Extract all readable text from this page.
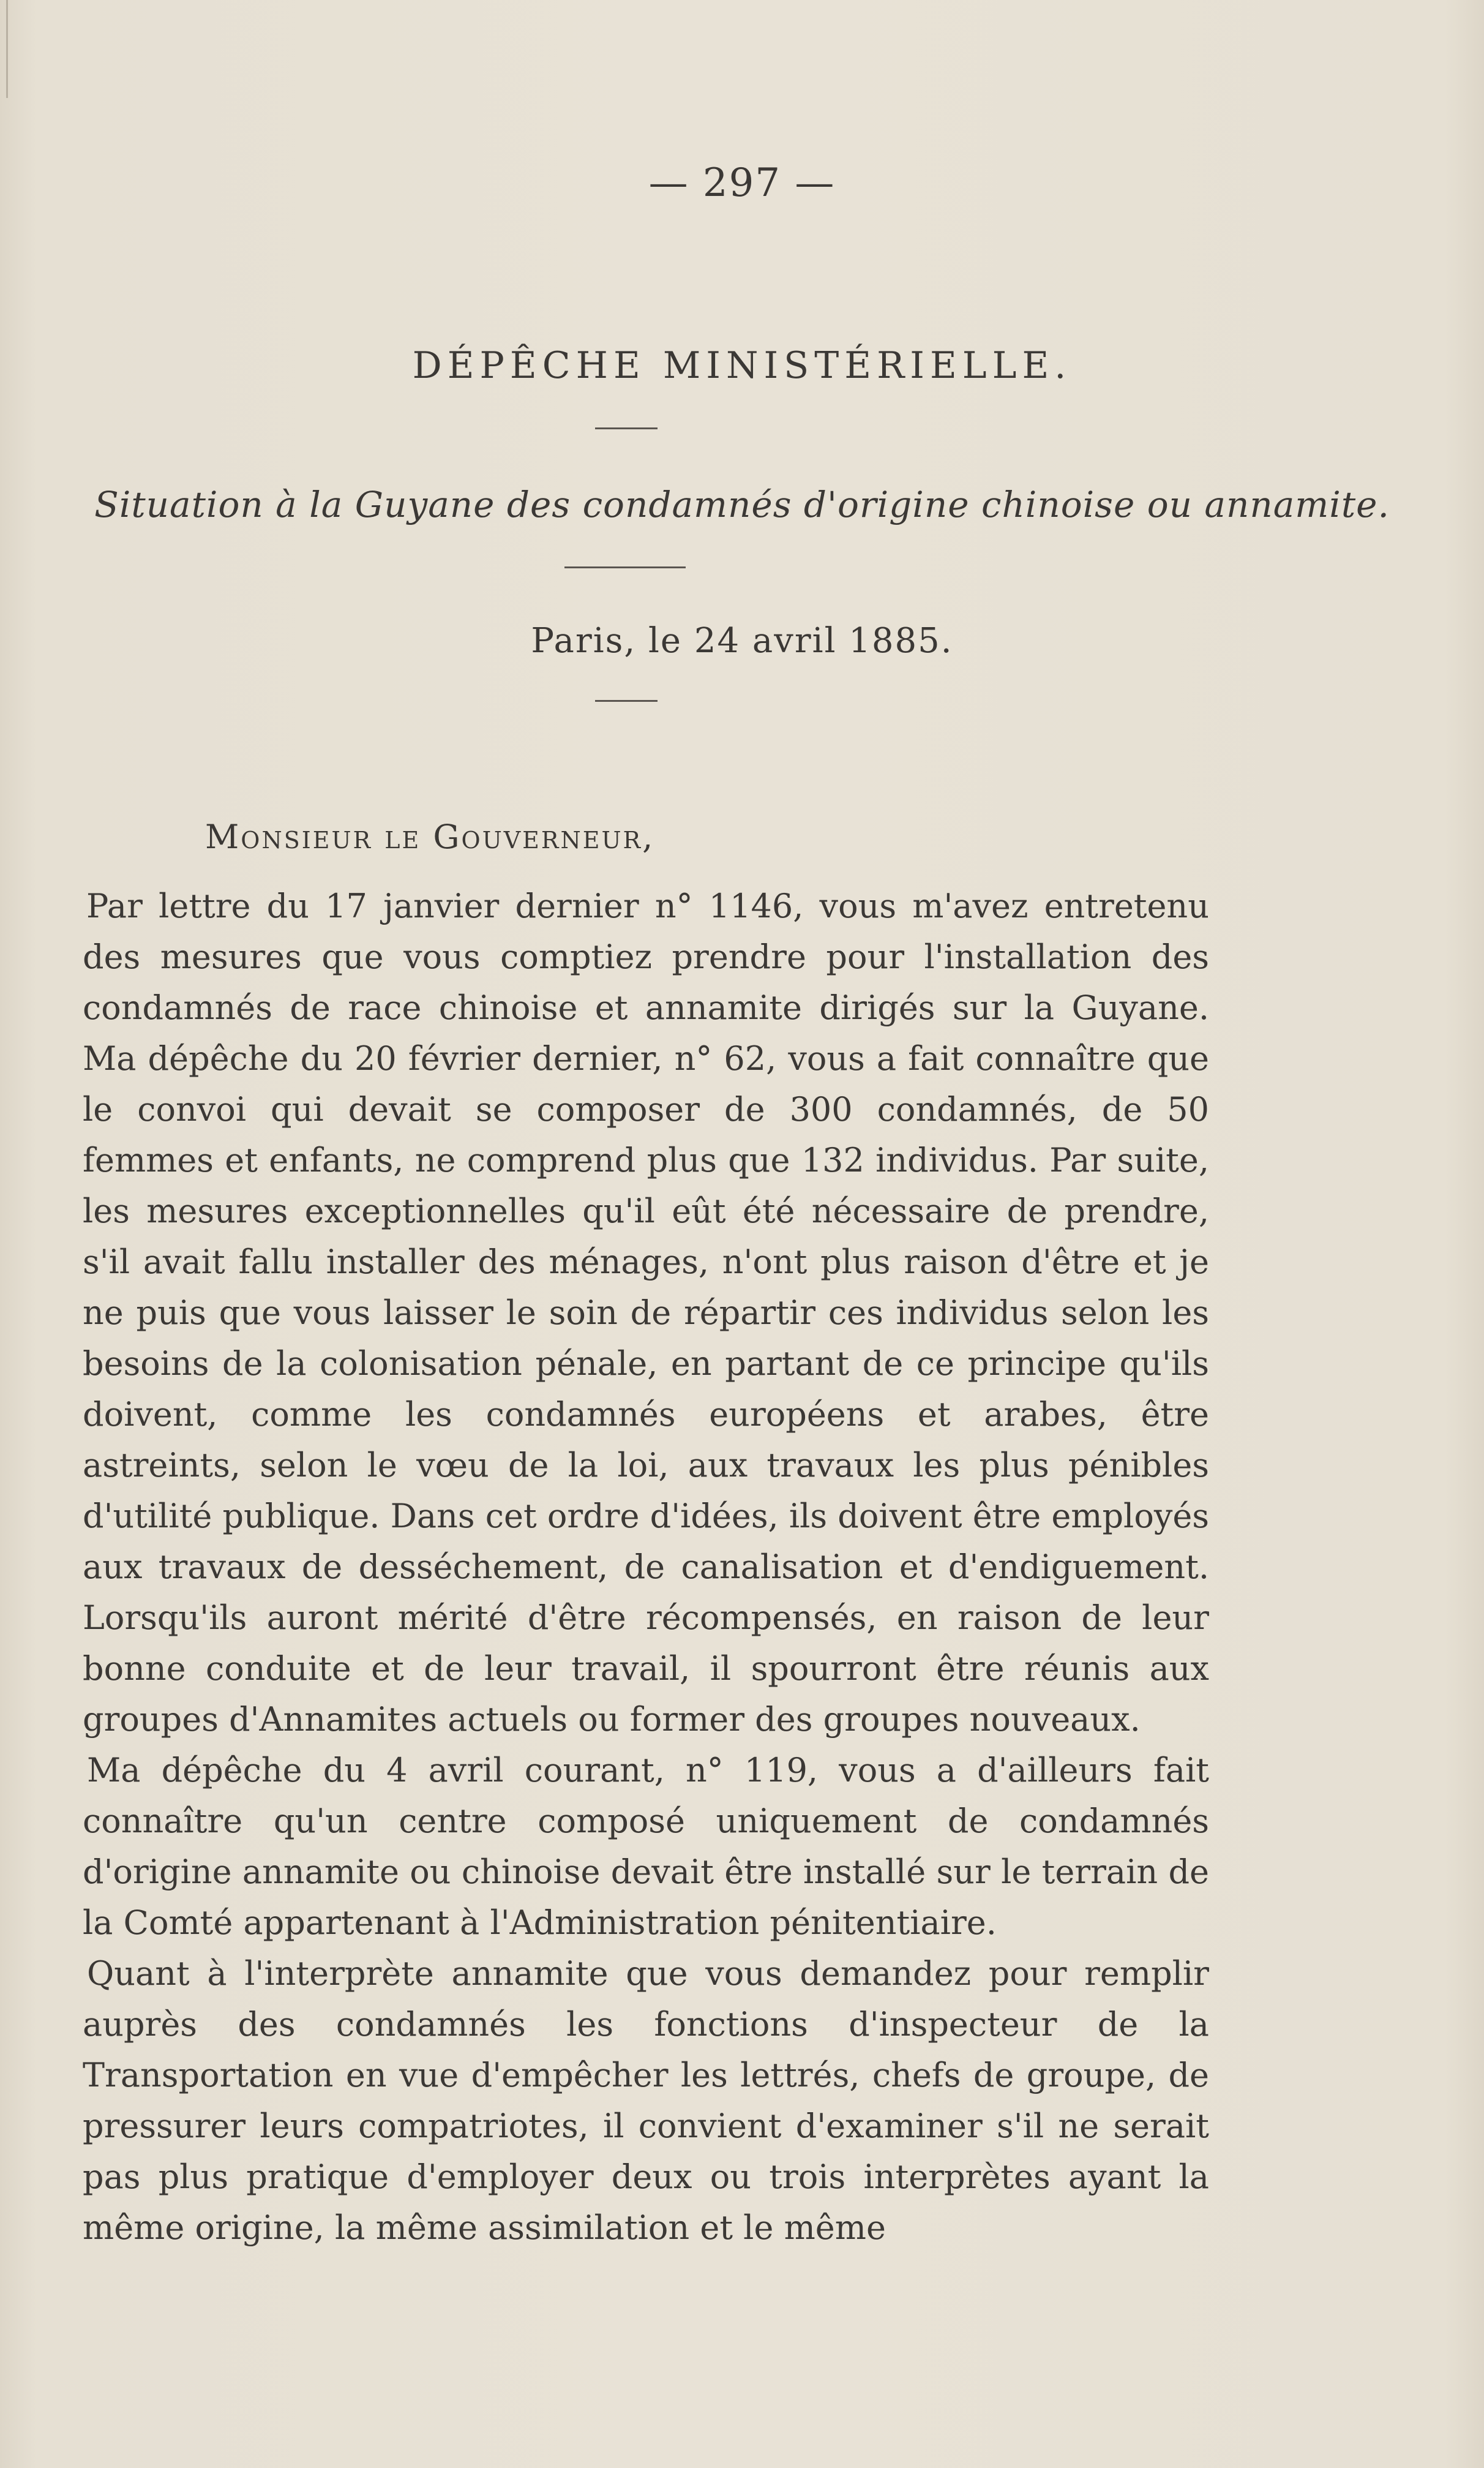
— 297 —
DÉPÊCHE MINISTÉRIELLE.
Situation à la Guyane des condamnés d'origine chinoise ou annamite.
Paris, le 24 avril 1885.
Monsieur le Gouverneur,

Par lettre du 17 janvier dernier n° 1146, vous m'avez entretenu des mesures que vous comptiez prendre pour l'installation des condamnés de race chinoise et annamite dirigés sur la Guyane. Ma dépêche du 20 février dernier, n° 62, vous a fait connaître que le convoi qui devait se composer de 300 condamnés, de 50 femmes et enfants, ne comprend plus que 132 individus. Par suite, les mesures exceptionnelles qu'il eût été nécessaire de prendre, s'il avait fallu installer des ménages, n'ont plus raison d'être et je ne puis que vous laisser le soin de répartir ces individus selon les besoins de la colonisation pénale, en partant de ce principe qu'ils doivent, comme les condamnés européens et arabes, être astreints, selon le vœu de la loi, aux travaux les plus pénibles d'utilité publique. Dans cet ordre d'idées, ils doivent être employés aux travaux de desséchement, de canalisation et d'endiguement. Lorsqu'ils auront mérité d'être récompensés, en raison de leur bonne conduite et de leur travail, il spourront être réunis aux groupes d'Annamites actuels ou former des groupes nouveaux.

Ma dépêche du 4 avril courant, n° 119, vous a d'ailleurs fait connaître qu'un centre composé uniquement de condamnés d'origine annamite ou chinoise devait être installé sur le terrain de la Comté appartenant à l'Administration pénitentiaire.

Quant à l'interprète annamite que vous demandez pour remplir auprès des condamnés les fonctions d'inspecteur de la Transportation en vue d'empêcher les lettrés, chefs de groupe, de pressurer leurs compatriotes, il convient d'examiner s'il ne serait pas plus pratique d'employer deux ou trois interprètes ayant la même origine, la même assimilation et le même
